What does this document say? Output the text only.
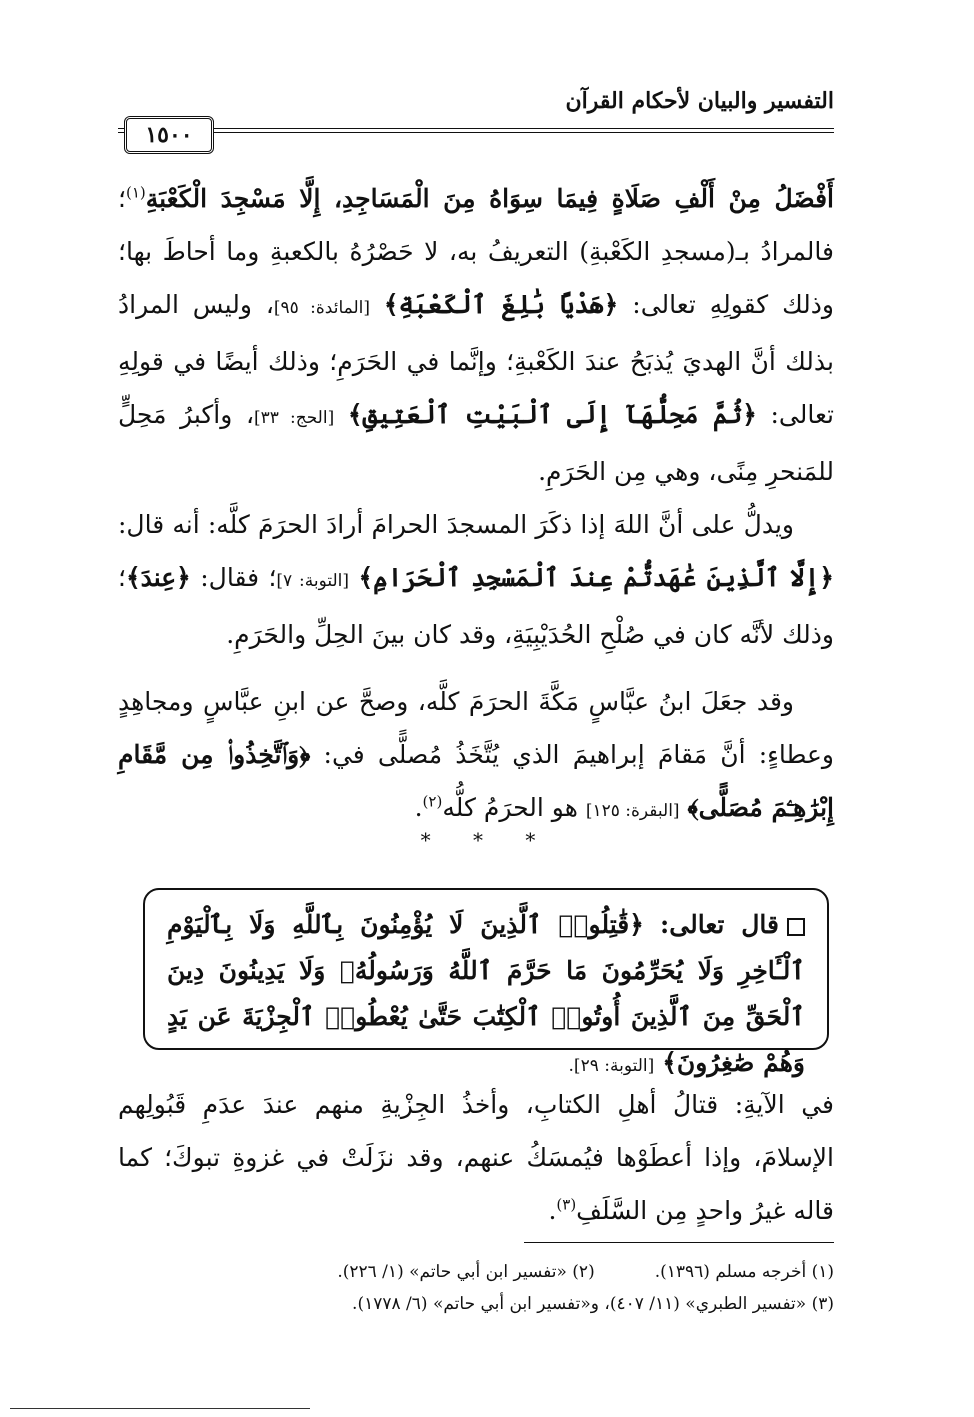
التفسير والبيان لأحكام القرآن
١٥٠٠

أَفْضَلُ مِنْ أَلْفِ صَلَاةٍ فِيمَا سِوَاهُ مِنَ الْمَسَاجِدِ، إِلَّا مَسْجِدَ الْكَعْبَةِ$^{(١)}$؛ فالمرادُ بـ(مسجدِ الكَعْبةِ) التعريفُ به، لا حَصْرُهُ بالكعبةِ وما أحاطَ بها؛ وذلك كقولِهِ تعالى: ﴿هَدْيًا بَٰلِغَ ٱلْكَعْبَةِ﴾ [المائدة: ٩٥]، وليس المرادُ بذلك أنَّ الهديَ يُذبَحُ عندَ الكَعْبةِ؛ وإنَّما في الحَرَمِ؛ وذلك أيضًا في قولِهِ تعالى: ﴿ثُمَّ مَحِلُّهَآ إِلَى ٱلْبَيْتِ ٱلْعَتِيقِ﴾ [الحج: ٣٣]، وأكبرُ مَحِلٍّ للمَنحرِ مِنًى، وهي مِن الحَرَمِ.

ويدلُّ على أنَّ اللهَ إذا ذكَرَ المسجدَ الحرامَ أرادَ الحرَمَ كلَّه: أنه قال: ﴿إِلَّا ٱلَّذِينَ عَٰهَدتُّمْ عِندَ ٱلْمَسْجِدِ ٱلْحَرَامِ﴾ [التوبة: ٧]؛ فقال: ﴿عِندَ﴾؛ وذلك لأنَّه كان في صُلْحِ الحُدَيْبِيَةِ، وقد كان بينَ الحِلِّ والحَرَمِ.

وقد جعَلَ ابنُ عبَّاسٍ مَكَّةَ الحرَمَ كلَّه، وصحَّ عن ابنِ عبَّاسٍ ومجاهِدٍ وعطاءٍ: أنَّ مَقامَ إبراهيمَ الذي يُتَّخَذُ مُصلًّى في: ﴿وَٱتَّخِذُوا۟ مِن مَّقَامِ إِبْرَٰهِـۧمَ مُصَلًّى﴾ [البقرة: ١٢٥] هو الحرَمُ كلُّه$^{(٢)}$.

* * *
قال تعالى: ﴿قَٰتِلُوا۟ ٱلَّذِينَ لَا يُؤْمِنُونَ بِٱللَّهِ وَلَا بِٱلْيَوْمِ ٱلْـَٔاخِرِ وَلَا يُحَرِّمُونَ مَا حَرَّمَ ٱللَّهُ وَرَسُولُهُۥ وَلَا يَدِينُونَ دِينَ ٱلْحَقِّ مِنَ ٱلَّذِينَ أُوتُوا۟ ٱلْكِتَٰبَ حَتَّىٰ يُعْطُوا۟ ٱلْجِزْيَةَ عَن يَدٍ وَهُمْ صَٰغِرُونَ﴾ [التوبة: ٢٩].

في الآيةِ: قتالُ أهلِ الكتابِ، وأخذُ الجِزْيةِ منهم عندَ عدَمِ قَبُولِهم الإسلامَ، وإذا أعطَوْها فيُمسَكُ عنهم، وقد نزَلَتْ في غزوةِ تبوكَ؛ كما قاله غيرُ واحدٍ مِن السَّلَفِ$^{(٣)}$.

(١) أخرجه مسلم (١٣٩٦).
(٢) «تفسير ابن أبي حاتم» (١/ ٢٢٦).
(٣) «تفسير الطبري» (١١/ ٤٠٧)، و«تفسير ابن أبي حاتم» (٦/ ١٧٧٨).
